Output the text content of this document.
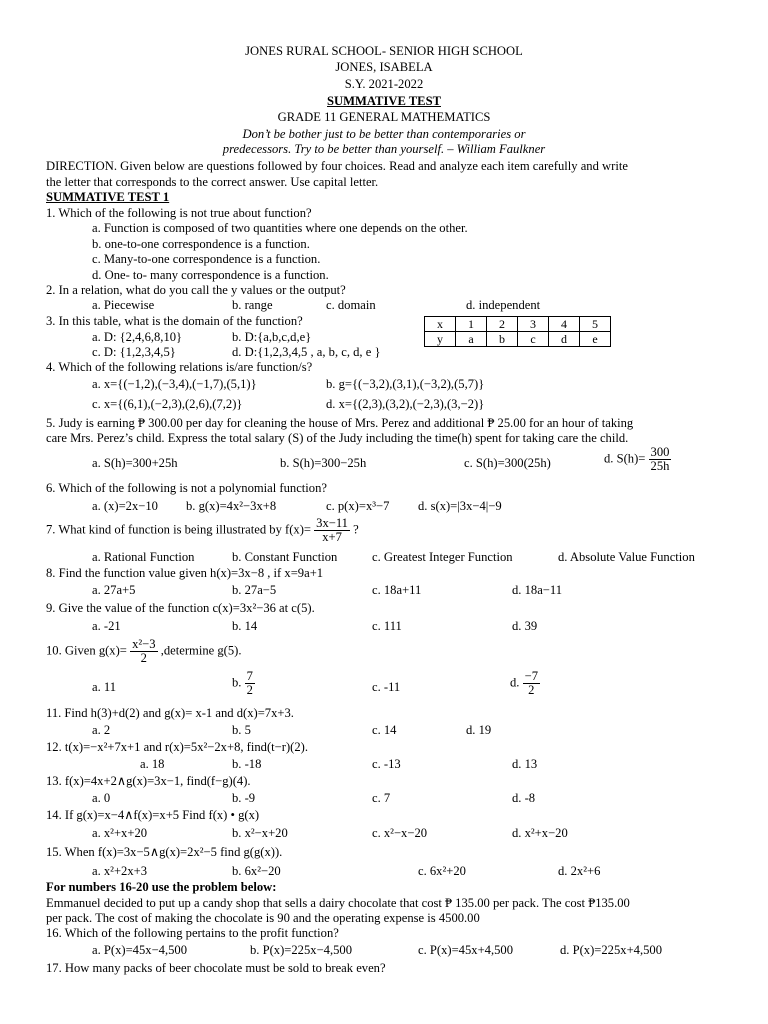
JONES RURAL SCHOOL- SENIOR HIGH SCHOOL
JONES, ISABELA
S.Y. 2021-2022
SUMMATIVE TEST
GRADE 11 GENERAL MATHEMATICS
Don’t be bother just to be better than contemporaries or
predecessors. Try to be better than yourself. – William Faulkner
DIRECTION. Given below are questions followed by four choices. Read and analyze each item carefully and write
the letter that corresponds to the correct answer. Use capital letter.
SUMMATIVE TEST 1
1. Which of the following is not true about function?
a. Function is composed of two quantities where one depends on the other.
b. one-to-one correspondence is a function.
c. Many-to-one correspondence is a function.
d. One- to- many correspondence is a function.
2. In a relation, what do you call the y values or the output?
a. Piecewise	b. range	c. domain	d. independent
x	1	2	3	4	5
y	a	b	c	d	e
3. In this table, what is the domain of the function?
a. D: {2,4,6,8,10}	b. D:{a,b,c,d,e}
c. D: {1,2,3,4,5}	d. D:{1,2,3,4,5 , a, b, c, d, e }
4. Which of the following relations is/are function/s?
a. x={(−1,2),(−3,4),(−1,7),(5,1)}	b. g={(−3,2),(3,1),(−3,2),(5,7)}
c. x={(6,1),(−2,3),(2,6),(7,2)}	d. x={(2,3),(3,2),(−2,3),(3,−2)}
5. Judy is earning ₱ 300.00 per day for cleaning the house of Mrs. Perez and additional ₱ 25.00 for an hour of taking
care Mrs. Perez’s child. Express the total salary (S) of the Judy including the time(h) spent for taking care the child.
a. S(h)=300+25h	b. S(h)=300−25h	c. S(h)=300(25h)	d. $S(h)= \frac{300}{25h}$
6. Which of the following is not a polynomial function?
a. (x)=2x−10 b. g(x)=4x²−3x+8	c. p(x)=x³−7 d. s(x)=|3x−4|−9
7. What kind of function is being illustrated by $f(x)= \frac{3x-11}{x+7}$ ?
a. Rational Function	b. Constant Function	c. Greatest Integer Function	d. Absolute Value Function
8. Find the function value given h(x)=3x−8 , if x=9a+1
a. 27a+5	b. 27a−5	c. 18a+11	d. 18a−11
9. Give the value of the function c(x)=3x²−36 at c(5).
a. -21	b. 14	c. 111	d. 39
10. Given $g(x)= \frac{\text{x²−3}}{2}$ ,determine g(5).
a. 11	b. $\frac{7}{2}$	c. -11	d. $\frac{-7}{2}$
11. Find h(3)+d(2) and g(x)= x-1 and d(x)=7x+3.
a. 2	b. 5	c. 14	d. 19
12. t(x)=−x²+7x+1 and r(x)=5x²−2x+8, find(t−r)(2).
a. 18	b. -18	c. -13	d. 13
13. f(x)=4x+2∧g(x)=3x−1, find(f−g)(4).
a. 0	b. -9	c. 7	d. -8
14. If g(x)=x−4∧f(x)=x+5 Find f(x) • g(x)
a. x²+x+20	b. x²−x+20	c. x²−x−20	d. x²+x−20
15. When f(x)=3x−5∧g(x)=2x²−5 find g(g(x)).
a. x²+2x+3	b. 6x²−20	c. 6x²+20	d. 2x²+6
For numbers 16-20 use the problem below:
Emmanuel decided to put up a candy shop that sells a dairy chocolate that cost ₱ 135.00 per pack. The cost ₱135.00
per pack. The cost of making the chocolate is 90 and the operating expense is 4500.00
16. Which of the following pertains to the profit function?
a. P(x)=45x−4,500	b. P(x)=225x−4,500	c. P(x)=45x+4,500	d. P(x)=225x+4,500
17. How many packs of beer chocolate must be sold to break even?
